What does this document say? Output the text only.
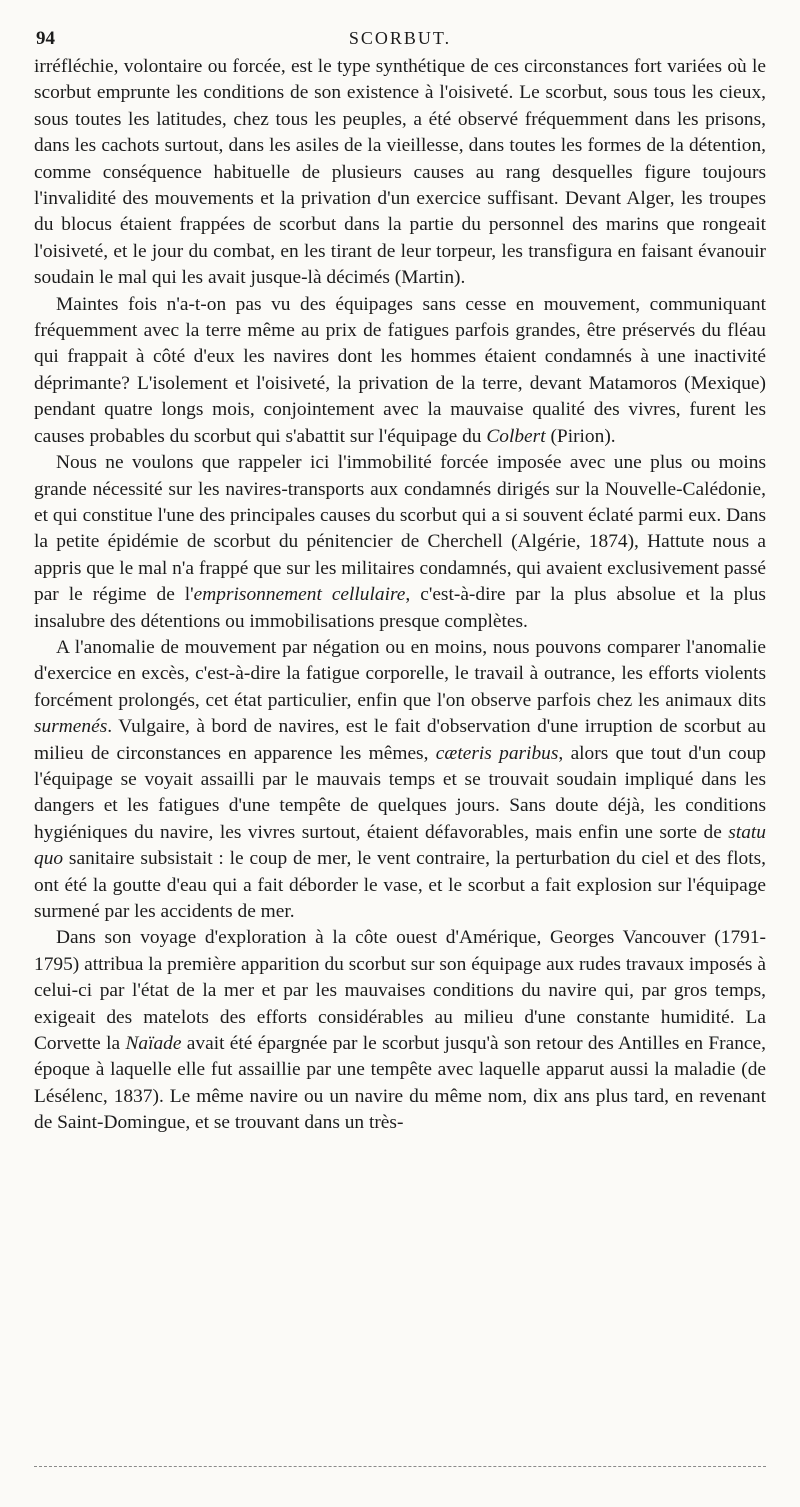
94	SCORBUT.

irréfléchie, volontaire ou forcée, est le type synthétique de ces circonstances fort variées où le scorbut emprunte les conditions de son existence à l'oisiveté. Le scorbut, sous tous les cieux, sous toutes les latitudes, chez tous les peuples, a été observé fréquemment dans les prisons, dans les cachots surtout, dans les asiles de la vieillesse, dans toutes les formes de la détention, comme conséquence habituelle de plusieurs causes au rang desquelles figure toujours l'invalidité des mouvements et la privation d'un exercice suffisant. Devant Alger, les troupes du blocus étaient frappées de scorbut dans la partie du personnel des marins que rongeait l'oisiveté, et le jour du combat, en les tirant de leur torpeur, les transfigura en faisant évanouir soudain le mal qui les avait jusque-là décimés (Martin).

Maintes fois n'a-t-on pas vu des équipages sans cesse en mouvement, communiquant fréquemment avec la terre même au prix de fatigues parfois grandes, être préservés du fléau qui frappait à côté d'eux les navires dont les hommes étaient condamnés à une inactivité déprimante? L'isolement et l'oisiveté, la privation de la terre, devant Matamoros (Mexique) pendant quatre longs mois, conjointement avec la mauvaise qualité des vivres, furent les causes probables du scorbut qui s'abattit sur l'équipage du Colbert (Pirion).

Nous ne voulons que rappeler ici l'immobilité forcée imposée avec une plus ou moins grande nécessité sur les navires-transports aux condamnés dirigés sur la Nouvelle-Calédonie, et qui constitue l'une des principales causes du scorbut qui a si souvent éclaté parmi eux. Dans la petite épidémie de scorbut du pénitencier de Cherchell (Algérie, 1874), Hattute nous a appris que le mal n'a frappé que sur les militaires condamnés, qui avaient exclusivement passé par le régime de l'emprisonnement cellulaire, c'est-à-dire par la plus absolue et la plus insalubre des détentions ou immobilisations presque complètes.

A l'anomalie de mouvement par négation ou en moins, nous pouvons comparer l'anomalie d'exercice en excès, c'est-à-dire la fatigue corporelle, le travail à outrance, les efforts violents forcément prolongés, cet état particulier, enfin que l'on observe parfois chez les animaux dits surmenés. Vulgaire, à bord de navires, est le fait d'observation d'une irruption de scorbut au milieu de circonstances en apparence les mêmes, cæteris paribus, alors que tout d'un coup l'équipage se voyait assailli par le mauvais temps et se trouvait soudain impliqué dans les dangers et les fatigues d'une tempête de quelques jours. Sans doute déjà, les conditions hygiéniques du navire, les vivres surtout, étaient défavorables, mais enfin une sorte de statu quo sanitaire subsistait : le coup de mer, le vent contraire, la perturbation du ciel et des flots, ont été la goutte d'eau qui a fait déborder le vase, et le scorbut a fait explosion sur l'équipage surmené par les accidents de mer.

Dans son voyage d'exploration à la côte ouest d'Amérique, Georges Vancouver (1791-1795) attribua la première apparition du scorbut sur son équipage aux rudes travaux imposés à celui-ci par l'état de la mer et par les mauvaises conditions du navire qui, par gros temps, exigeait des matelots des efforts considérables au milieu d'une constante humidité. La Corvette la Naïade avait été épargnée par le scorbut jusqu'à son retour des Antilles en France, époque à laquelle elle fut assaillie par une tempête avec laquelle apparut aussi la maladie (de Lésélenc, 1837). Le même navire ou un navire du même nom, dix ans plus tard, en revenant de Saint-Domingue, et se trouvant dans un très-
